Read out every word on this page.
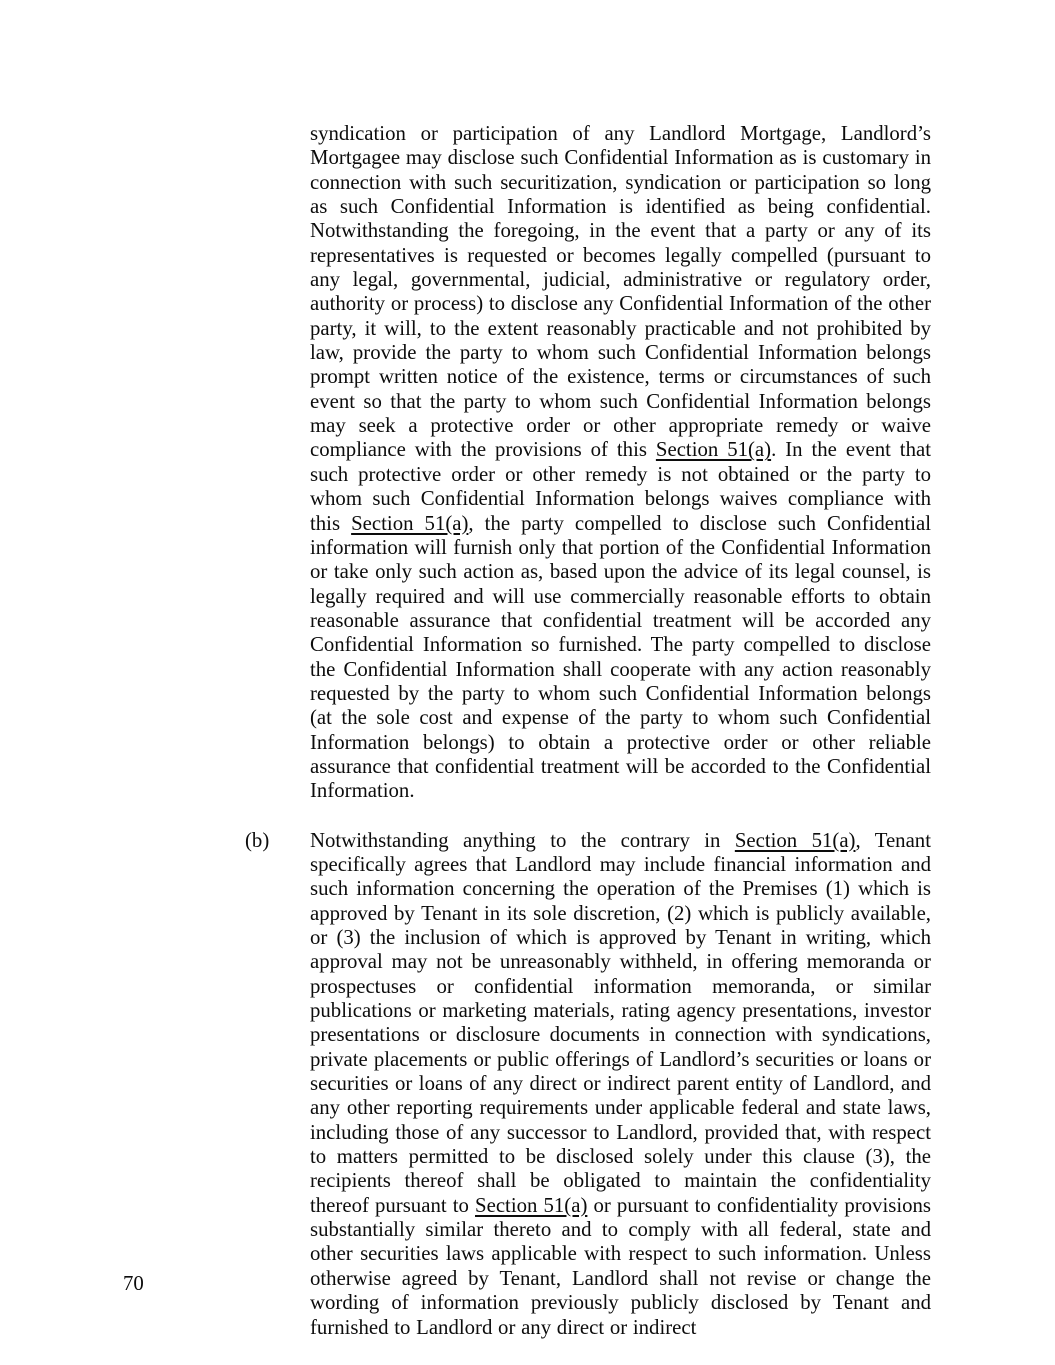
syndication or participation of any Landlord Mortgage, Landlord’s Mortgagee may disclose such Confidential Information as is customary in connection with such securitization, syndication or participation so long as such Confidential Information is identified as being confidential. Notwithstanding the foregoing, in the event that a party or any of its representatives is requested or becomes legally compelled (pursuant to any legal, governmental, judicial, administrative or regulatory order, authority or process) to disclose any Confidential Information of the other party, it will, to the extent reasonably practicable and not prohibited by law, provide the party to whom such Confidential Information belongs prompt written notice of the existence, terms or circumstances of such event so that the party to whom such Confidential Information belongs may seek a protective order or other appropriate remedy or waive compliance with the provisions of this Section 51(a). In the event that such protective order or other remedy is not obtained or the party to whom such Confidential Information belongs waives compliance with this Section 51(a), the party compelled to disclose such Confidential information will furnish only that portion of the Confidential Information or take only such action as, based upon the advice of its legal counsel, is legally required and will use commercially reasonable efforts to obtain reasonable assurance that confidential treatment will be accorded any Confidential Information so furnished. The party compelled to disclose the Confidential Information shall cooperate with any action reasonably requested by the party to whom such Confidential Information belongs (at the sole cost and expense of the party to whom such Confidential Information belongs) to obtain a protective order or other reliable assurance that confidential treatment will be accorded to the Confidential Information.

(b) Notwithstanding anything to the contrary in Section 51(a), Tenant specifically agrees that Landlord may include financial information and such information concerning the operation of the Premises (1) which is approved by Tenant in its sole discretion, (2) which is publicly available, or (3) the inclusion of which is approved by Tenant in writing, which approval may not be unreasonably withheld, in offering memoranda or prospectuses or confidential information memoranda, or similar publications or marketing materials, rating agency presentations, investor presentations or disclosure documents in connection with syndications, private placements or public offerings of Landlord’s securities or loans or securities or loans of any direct or indirect parent entity of Landlord, and any other reporting requirements under applicable federal and state laws, including those of any successor to Landlord, provided that, with respect to matters permitted to be disclosed solely under this clause (3), the recipients thereof shall be obligated to maintain the confidentiality thereof pursuant to Section 51(a) or pursuant to confidentiality provisions substantially similar thereto and to comply with all federal, state and other securities laws applicable with respect to such information. Unless otherwise agreed by Tenant, Landlord shall not revise or change the wording of information previously publicly disclosed by Tenant and furnished to Landlord or any direct or indirect

70
